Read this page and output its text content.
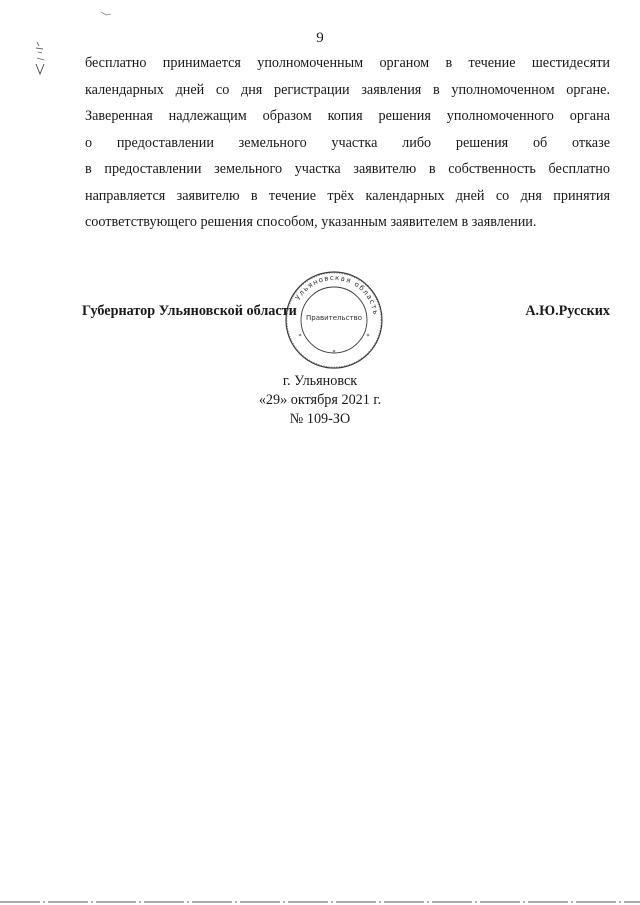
9
бесплатно принимается уполномоченным органом в течение шестидесяти
календарных дней со дня регистрации заявления в уполномоченном органе.
Заверенная надлежащим образом копия решения уполномоченного органа
о предоставлении земельного участка либо решения об отказе
в предоставлении земельного участка заявителю в собственность бесплатно
направляется заявителю в течение трёх календарных дней со дня принятия
соответствующего решения способом, указанным заявителем в заявлении.
Ульяновская область
Правительство
*
*	*
Губернатор Ульяновской области	А.Ю.Русских
г. Ульяновск
«29» октября 2021 г.
№ 109-ЗО
